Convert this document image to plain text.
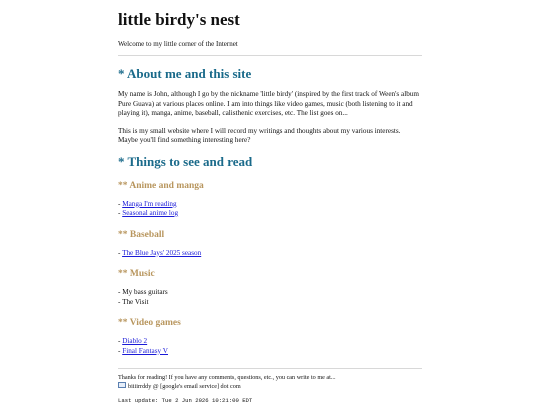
little birdy's nest
Welcome to my little corner of the Internet
* About me and this site

My name is John, although I go by the nickname 'little birdy' (inspired by the first track of Ween's album Pure Guava) at various places online. I am into things like video games, music (both listening to it and playing it), manga, anime, baseball, calisthenic exercises, etc. The list goes on...

This is my small website where I will record my writings and thoughts about my various interests. Maybe you'll find something interesting here?

* Things to see and read
** Anime and manga
- Manga I'm reading
- Seasonal anime log
** Baseball
- The Blue Jays' 2025 season
** Music
- My bass guitars
- The Visit
** Video games
- Diablo 2
- Final Fantasy V
Thanks for reading! If you have any comments, questions, etc., you can write to me at...
biiiirrddy @ [google's email service] dot com
Last update: Tue 2 Jun 2026 10:21:00 EDT
